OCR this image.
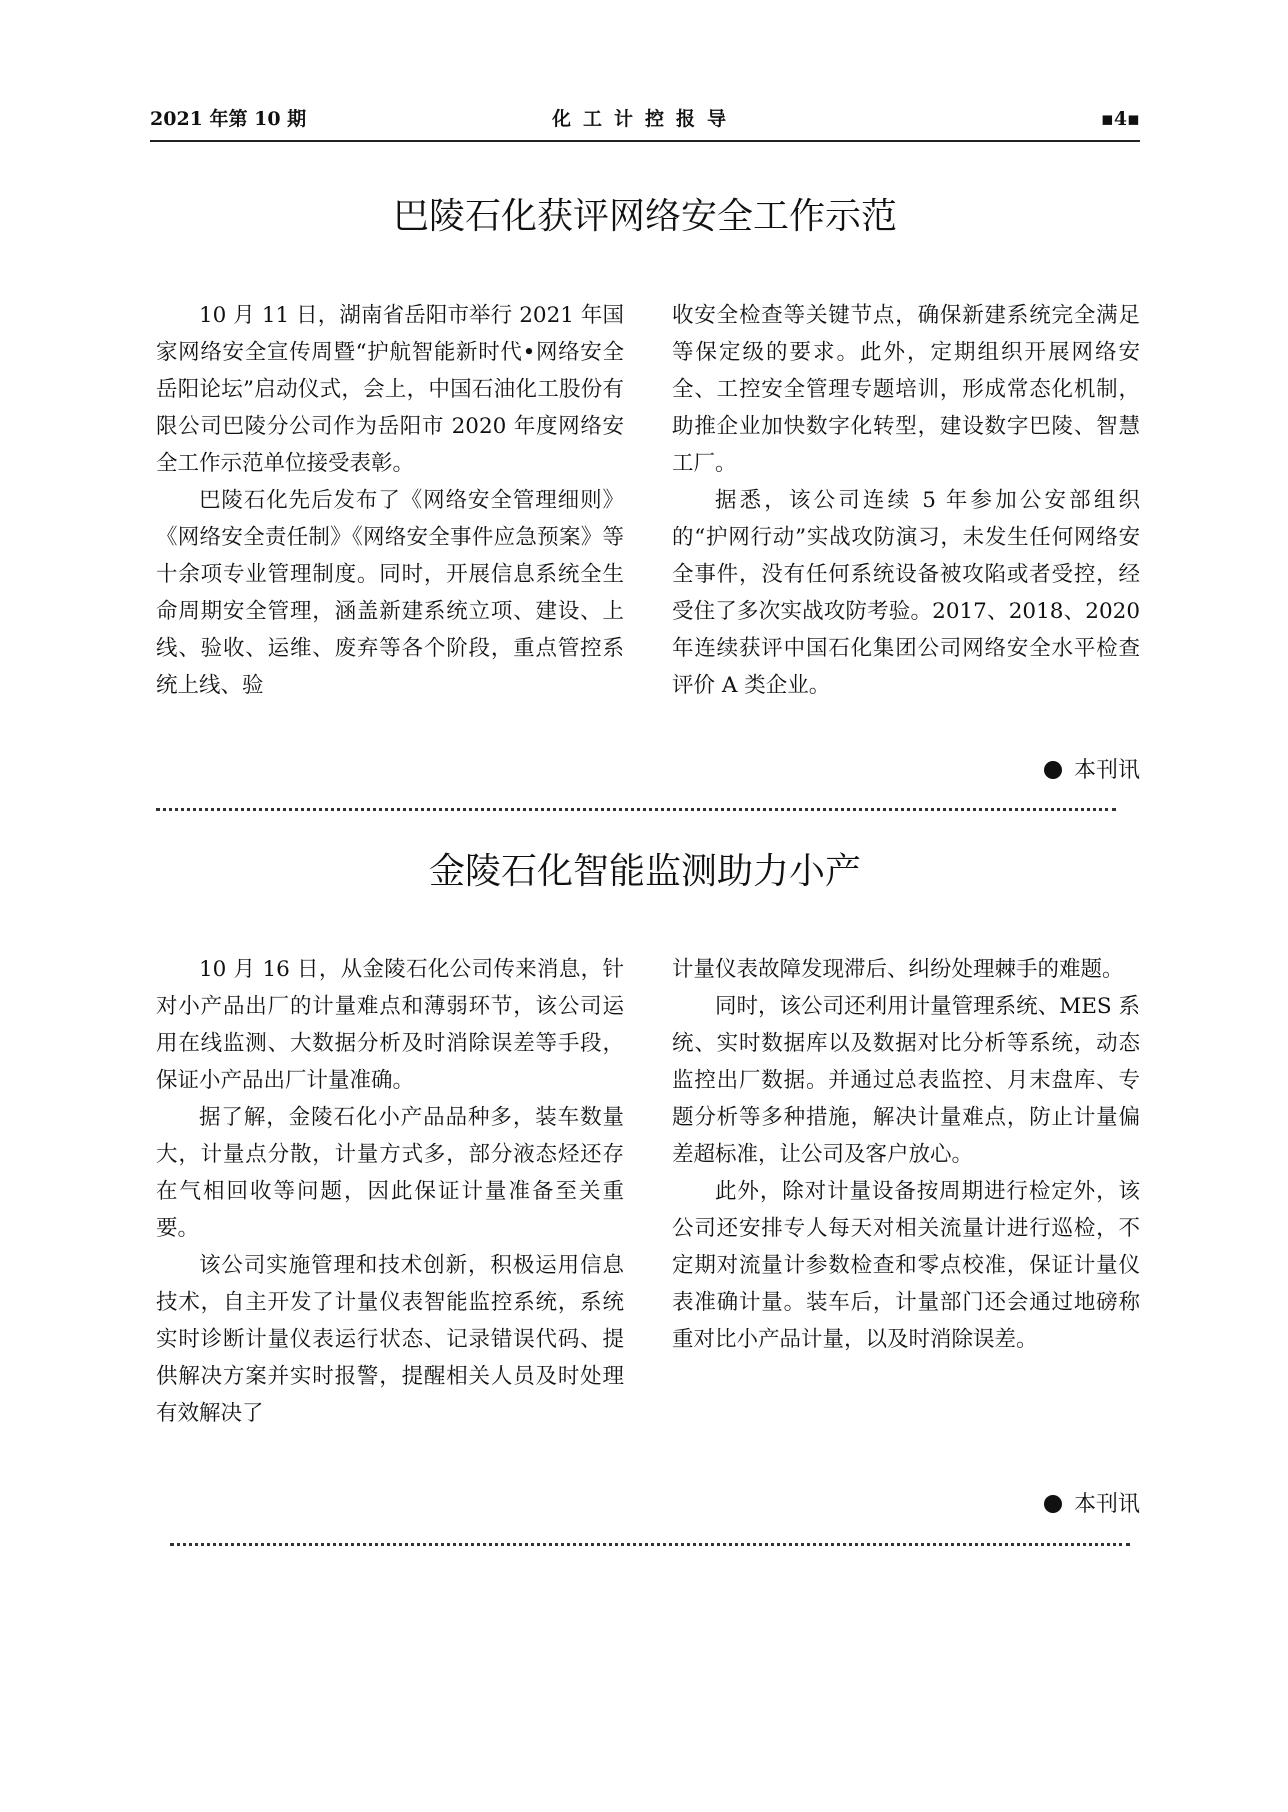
2021 年第 10 期	化工计控报导	▪4▪
巴陵石化获评网络安全工作示范

10 月 11 日，湖南省岳阳市举行 2021 年国家网络安全宣传周暨“护航智能新时代•网络安全岳阳论坛”启动仪式，会上，中国石油化工股份有限公司巴陵分公司作为岳阳市 2020 年度网络安全工作示范单位接受表彰。

巴陵石化先后发布了《网络安全管理细则》《网络安全责任制》《网络安全事件应急预案》等十余项专业管理制度。同时，开展信息系统全生命周期安全管理，涵盖新建系统立项、建设、上线、验收、运维、废弃等各个阶段，重点管控系统上线、验

收安全检查等关键节点，确保新建系统完全满足等保定级的要求。此外，定期组织开展网络安全、工控安全管理专题培训，形成常态化机制，助推企业加快数字化转型，建设数字巴陵、智慧工厂。

据悉，该公司连续 5 年参加公安部组织的“护网行动”实战攻防演习，未发生任何网络安全事件，没有任何系统设备被攻陷或者受控，经受住了多次实战攻防考验。2017、2018、2020 年连续获评中国石化集团公司网络安全水平检查评价 A 类企业。

本刊讯
金陵石化智能监测助力小产

10 月 16 日，从金陵石化公司传来消息，针对小产品出厂的计量难点和薄弱环节，该公司运用在线监测、大数据分析及时消除误差等手段，保证小产品出厂计量准确。

据了解，金陵石化小产品品种多，装车数量大，计量点分散，计量方式多，部分液态烃还存在气相回收等问题，因此保证计量准备至关重要。

该公司实施管理和技术创新，积极运用信息技术，自主开发了计量仪表智能监控系统，系统实时诊断计量仪表运行状态、记录错误代码、提供解决方案并实时报警，提醒相关人员及时处理有效解决了

计量仪表故障发现滞后、纠纷处理棘手的难题。

同时，该公司还利用计量管理系统、MES 系统、实时数据库以及数据对比分析等系统，动态监控出厂数据。并通过总表监控、月末盘库、专题分析等多种措施，解决计量难点，防止计量偏差超标准，让公司及客户放心。

此外，除对计量设备按周期进行检定外，该公司还安排专人每天对相关流量计进行巡检，不定期对流量计参数检查和零点校准，保证计量仪表准确计量。装车后，计量部门还会通过地磅称重对比小产品计量，以及时消除误差。

本刊讯
